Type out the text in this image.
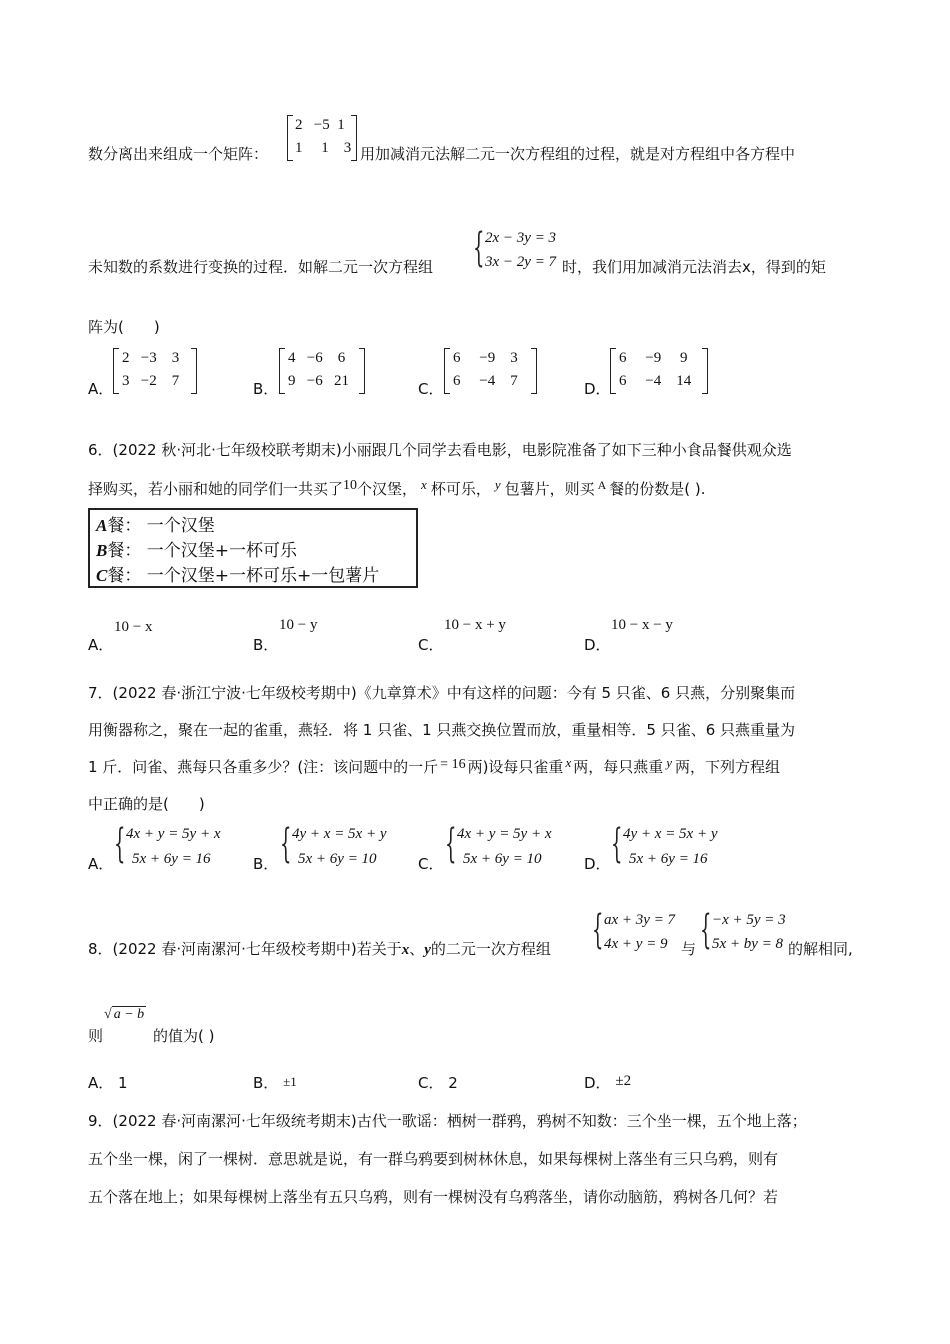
数分离出来组成一个矩阵：
2 −5 1
1 1 3 用加减消元法解二元一次方程组的过程，就是对方程组中各方程中
未知数的系数进行变换的过程．如解二元一次方程组 { 2x − 3y = 3
3x − 2y = 7 时，我们用加减消元法消去x，得到的矩
阵为(　　)
A．
2 −3 3
3 −2 7	B．
4 −6 6
9 −6 21	C．
6 −9 3
6 −4 7	D．
6 −9 9
6 −4 14
6．(2022 秋·河北·七年级校联考期末)小丽跟几个同学去看电影，电影院准备了如下三种小食品餐供观众选
择购买，若小丽和她的同学们一共买了10个汉堡， x 杯可乐， y 包薯片，则买 $^A$ 餐的份数是( ).
A餐： 一个汉堡
B餐： 一个汉堡+一杯可乐
C餐： 一个汉堡+一杯可乐+一包薯片
A．
10 − x
B．
10 − y
C．
10 − x + y
D．
10 − x − y
7．(2022 春·浙江宁波·七年级校考期中)《九章算术》中有这样的问题：今有 5 只雀、6 只燕，分别聚集而
用衡器称之，聚在一起的雀重，燕轻．将 1 只雀、1 只燕交换位置而放，重量相等．5 只雀、6 只燕重量为
1 斤．问雀、燕每只各重多少？(注：该问题中的一斤 = 16 两)设每只雀重 x 两，每只燕重 y 两，下列方程组
中正确的是(　　)
A． { 4x + y = 5y + x
5x + 6y = 16	B． { 4y + x = 5x + y
5x + 6y = 10	C． { 4x + y = 5y + x
5x + 6y = 10	D． { 4y + x = 5x + y
5x + 6y = 16
8．(2022 春·河南漯河·七年级校考期中)若关于x、y的二元一次方程组 { ax + 3y = 7
4x + y = 9 与 { −x + 5y = 3
5x + by = 8 的解相同,
则
√ a − b
的值为( )
A． 1	B． ±1	C． 2	D． ±2
9．(2022 春·河南漯河·七年级统考期末)古代一歌谣：栖树一群鸦，鸦树不知数：三个坐一棵，五个地上落；
五个坐一棵，闲了一棵树．意思就是说，有一群乌鸦要到树林休息，如果每棵树上落坐有三只乌鸦，则有
五个落在地上；如果每棵树上落坐有五只乌鸦，则有一棵树没有乌鸦落坐，请你动脑筋，鸦树各几何？若
